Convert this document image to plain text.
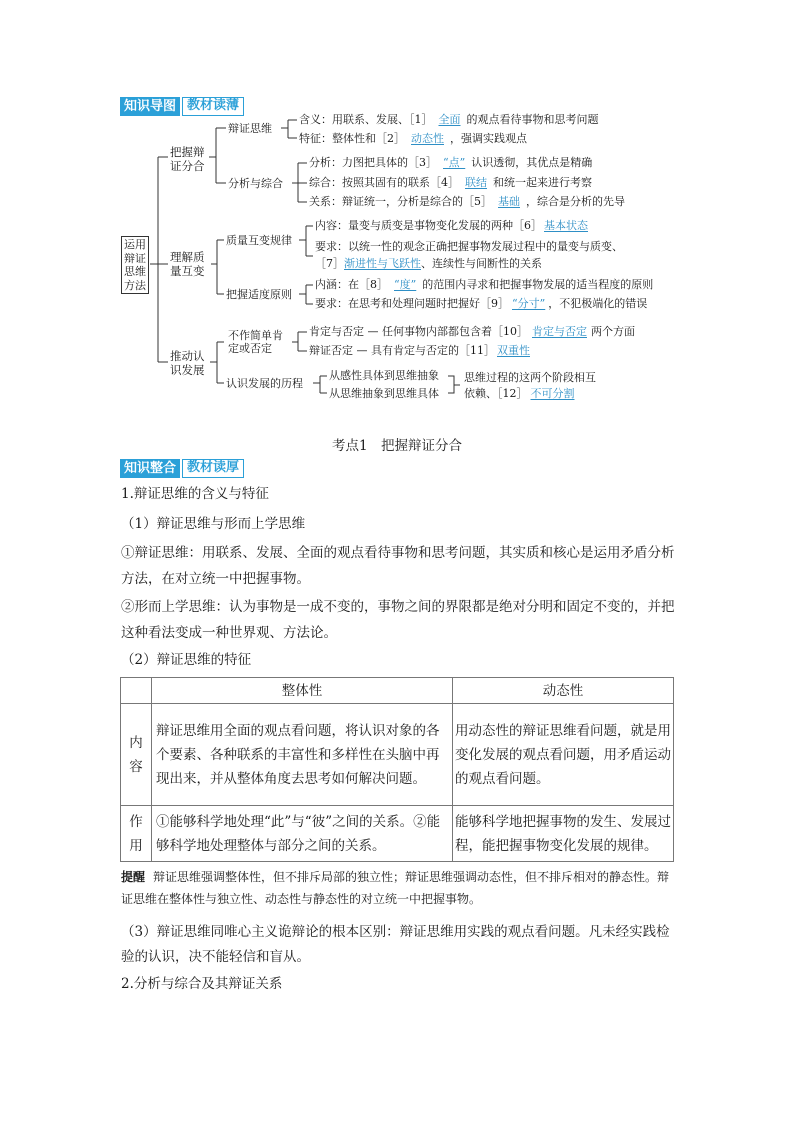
知识导图 教材读薄
运用辩证思维方法
把握辩证分合
辩证思维
含义：用联系、发展、［1］ 全面 的观点看待事物和思考问题
特征：整体性和［2］ 动态性 ，强调实践观点
分析与综合
分析：力图把具体的［3］ “点” 认识透彻，其优点是精确
综合：按照其固有的联系［4］ 联结 和统一起来进行考察
关系：辩证统一，分析是综合的［5］ 基础 ，综合是分析的先导
理解质量互变
质量互变规律
内容：量变与质变是事物变化发展的两种［6］ 基本状态
要求：以统一性的观念正确把握事物发展过程中的量变与质变、
［7］渐进性与飞跃性、连续性与间断性的关系
把握适度原则
内涵：在［8］ “度” 的范围内寻求和把握事物发展的适当程度的原则
要求：在思考和处理问题时把握好［9］ “分寸” ，不犯极端化的错误
推动认识发展
不作简单肯定或否定
肯定与否定 — 任何事物内部都包含着［10］ 肯定与否定 两个方面
辩证否定 — 具有肯定与否定的［11］ 双重性
认识发展的历程
从感性具体到思维抽象
从思维抽象到思维具体
思维过程的这两个阶段相互
依赖、［12］ 不可分割
考点1　把握辩证分合
知识整合 教材读厚
1.辩证思维的含义与特征
（1）辩证思维与形而上学思维
①辩证思维：用联系、发展、全面的观点看待事物和思考问题，其实质和核心是运用矛盾分析方法，在对立统一中把握事物。
②形而上学思维：认为事物是一成不变的，事物之间的界限都是绝对分明和固定不变的，并把这种看法变成一种世界观、方法论。
（2）辩证思维的特征
	整体性	动态性
内容	辩证思维用全面的观点看问题，将认识对象的各个要素、各种联系的丰富性和多样性在头脑中再现出来，并从整体角度去思考如何解决问题。	用动态性的辩证思维看问题，就是用变化发展的观点看问题，用矛盾运动的观点看问题。
作用	①能够科学地处理“此”与“彼”之间的关系。②能够科学地处理整体与部分之间的关系。	能够科学地把握事物的发生、发展过程，能把握事物变化发展的规律。
提醒 辩证思维强调整体性，但不排斥局部的独立性；辩证思维强调动态性，但不排斥相对的静态性。辩证思维在整体性与独立性、动态性与静态性的对立统一中把握事物。
（3）辩证思维同唯心主义诡辩论的根本区别：辩证思维用实践的观点看问题。凡未经实践检验的认识，决不能轻信和盲从。
2.分析与综合及其辩证关系
